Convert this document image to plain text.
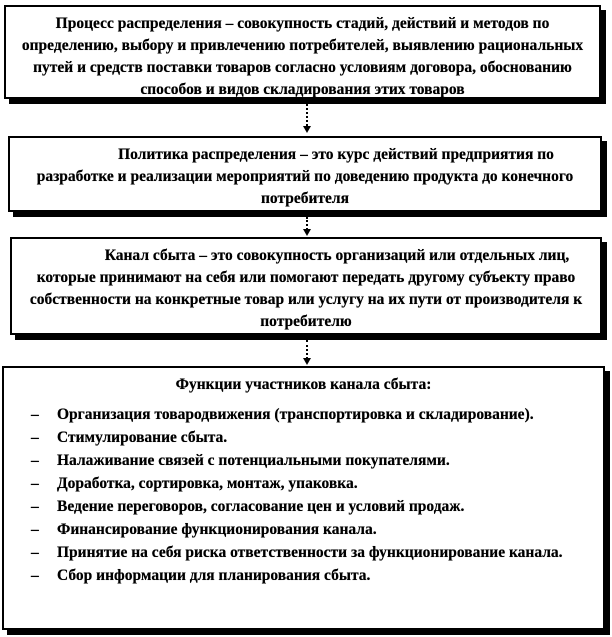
Процесс распределения – совокупность стадий, действий и методов по определению, выбору и привлечению потребителей, выявлению рациональных путей и средств поставки товаров согласно условиям договора, обоснованию способов и видов складирования этих товаров
Политика распределения – это курс действий предприятия по разработке и реализации мероприятий по доведению продукта до конечного потребителя
Канал сбыта – это совокупность организаций или отдельных лиц, которые принимают на себя или помогают передать другому субъекту право собственности на конкретные товар или услугу на их пути от производителя к потребителю
Функции участников канала сбыта:
– Организация товародвижения (транспортировка и складирование).
– Стимулирование сбыта.
– Налаживание связей с потенциальными покупателями.
– Доработка, сортировка, монтаж, упаковка.
– Ведение переговоров, согласование цен и условий продаж.
– Финансирование функционирования канала.
– Принятие на себя риска ответственности за функционирование канала.
– Сбор информации для планирования сбыта.
